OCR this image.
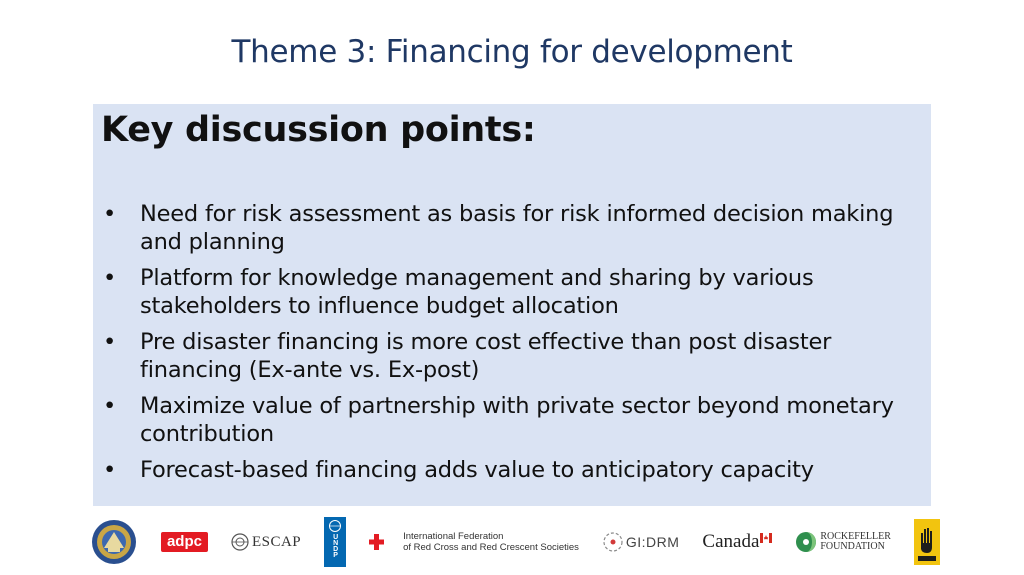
Theme 3: Financing for development
Key discussion points:
• Need for risk assessment as basis for risk informed decision making and planning
• Platform for knowledge management and sharing by various stakeholders to influence budget allocation
• Pre disaster financing is more cost effective than post disaster financing (Ex-ante vs. Ex-post)
• Maximize value of partnership with private sector beyond monetary contribution
• Forecast-based financing adds value to anticipatory capacity
adpc	ESCAP	UNDP	International Federation
of Red Cross and Red Crescent Societies	GI:DRM Canada	ROCKEFELLER
FOUNDATION
